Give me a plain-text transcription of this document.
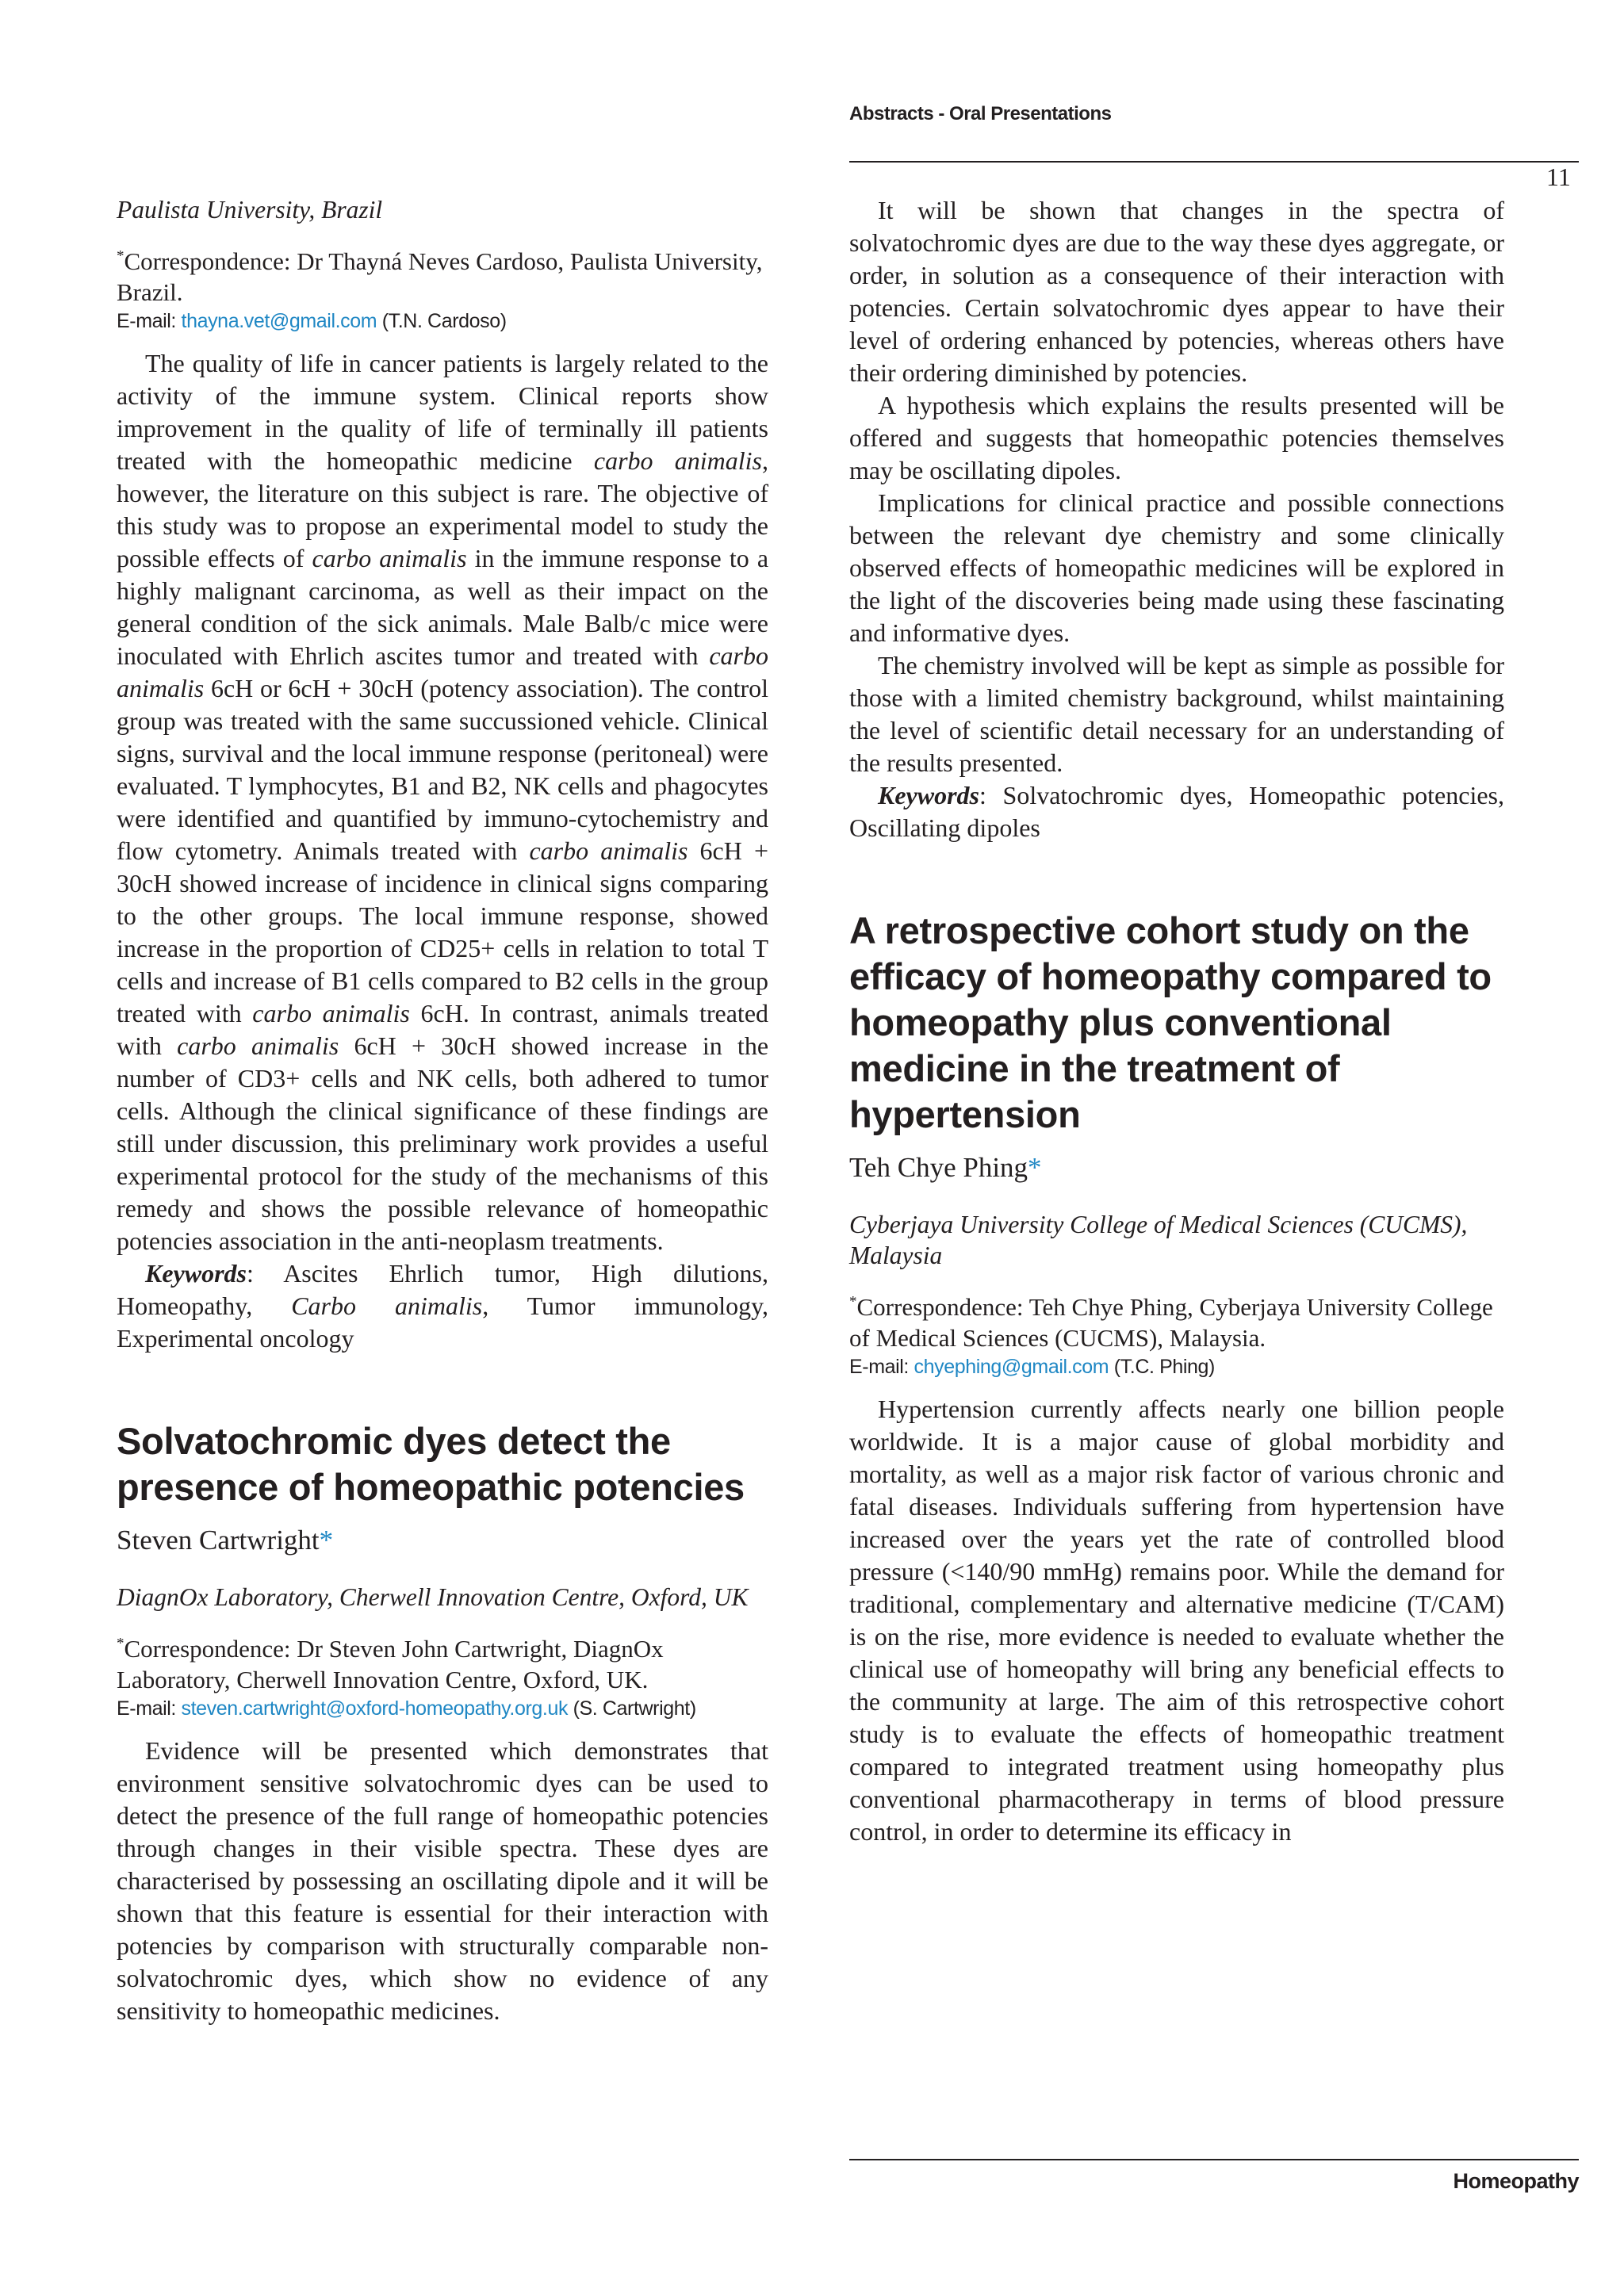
Abstracts - Oral Presentations
11

Paulista University, Brazil

*Correspondence: Dr Thayná Neves Cardoso, Paulista University, Brazil.

E-mail: thayna.vet@gmail.com (T.N. Cardoso)

The quality of life in cancer patients is largely related to the activity of the immune system. Clinical reports show improvement in the quality of life of terminally ill patients treated with the homeopathic medicine carbo animalis, however, the literature on this subject is rare. The objective of this study was to propose an experimental model to study the possible effects of carbo animalis in the immune response to a highly malignant carcinoma, as well as their impact on the general condition of the sick animals. Male Balb/c mice were inoculated with Ehrlich ascites tumor and treated with carbo animalis 6cH or 6cH + 30cH (potency association). The control group was treated with the same succussioned vehicle. Clinical signs, survival and the local immune response (peritoneal) were evaluated. T lymphocytes, B1 and B2, NK cells and phagocytes were identified and quantified by immuno-cytochemistry and flow cytometry. Animals treated with carbo animalis 6cH + 30cH showed increase of incidence in clinical signs comparing to the other groups. The local immune response, showed increase in the proportion of CD25+ cells in relation to total T cells and increase of B1 cells compared to B2 cells in the group treated with carbo animalis 6cH. In contrast, animals treated with carbo animalis 6cH + 30cH showed increase in the number of CD3+ cells and NK cells, both adhered to tumor cells. Although the clinical significance of these findings are still under discussion, this preliminary work provides a useful experimental protocol for the study of the mechanisms of this remedy and shows the possible relevance of homeopathic potencies association in the anti-neoplasm treatments.

Keywords: Ascites Ehrlich tumor, High dilutions, Homeopathy, Carbo animalis, Tumor immunology, Experimental oncology

Solvatochromic dyes detect the presence of homeopathic potencies

Steven Cartwright*

DiagnOx Laboratory, Cherwell Innovation Centre, Oxford, UK

*Correspondence: Dr Steven John Cartwright, DiagnOx Laboratory, Cherwell Innovation Centre, Oxford, UK.

E-mail: steven.cartwright@oxford-homeopathy.org.uk (S. Cartwright)

Evidence will be presented which demonstrates that environment sensitive solvatochromic dyes can be used to detect the presence of the full range of homeopathic potencies through changes in their visible spectra. These dyes are characterised by possessing an oscillating dipole and it will be shown that this feature is essential for their interaction with potencies by comparison with structurally comparable non-solvatochromic dyes, which show no evidence of any sensitivity to homeopathic medicines.

It will be shown that changes in the spectra of solvatochromic dyes are due to the way these dyes aggregate, or order, in solution as a consequence of their interaction with potencies. Certain solvatochromic dyes appear to have their level of ordering enhanced by potencies, whereas others have their ordering diminished by potencies.

A hypothesis which explains the results presented will be offered and suggests that homeopathic potencies themselves may be oscillating dipoles.

Implications for clinical practice and possible connections between the relevant dye chemistry and some clinically observed effects of homeopathic medicines will be explored in the light of the discoveries being made using these fascinating and informative dyes.

The chemistry involved will be kept as simple as possible for those with a limited chemistry background, whilst maintaining the level of scientific detail necessary for an understanding of the results presented.

Keywords: Solvatochromic dyes, Homeopathic potencies, Oscillating dipoles

A retrospective cohort study on the efficacy of homeopathy compared to homeopathy plus conventional medicine in the treatment of hypertension

Teh Chye Phing*

Cyberjaya University College of Medical Sciences (CUCMS), Malaysia

*Correspondence: Teh Chye Phing, Cyberjaya University College of Medical Sciences (CUCMS), Malaysia.

E-mail: chyephing@gmail.com (T.C. Phing)

Hypertension currently affects nearly one billion people worldwide. It is a major cause of global morbidity and mortality, as well as a major risk factor of various chronic and fatal diseases. Individuals suffering from hypertension have increased over the years yet the rate of controlled blood pressure (<140/90 mmHg) remains poor. While the demand for traditional, complementary and alternative medicine (T/CAM) is on the rise, more evidence is needed to evaluate whether the clinical use of homeopathy will bring any beneficial effects to the community at large. The aim of this retrospective cohort study is to evaluate the effects of homeopathic treatment compared to integrated treatment using homeopathy plus conventional pharmacotherapy in terms of blood pressure control, in order to determine its efficacy in

Homeopathy
